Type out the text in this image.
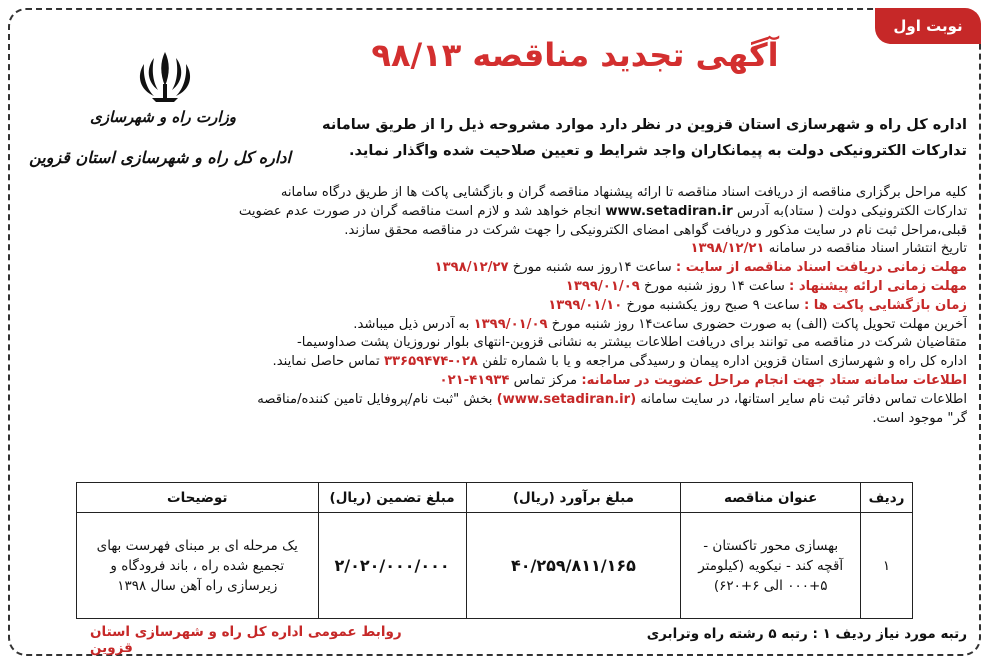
نوبت اول
وزارت راه و شهرسازی
اداره کل راه و شهرسازی استان قزوین
آگهی تجدید مناقصه ۹۸/۱۳
اداره کل راه و شهرسازی استان قزوین در نظر دارد موارد مشروحه ذیل را از طریق سامانه
تدارکات الکترونیکی دولت به پیمانکاران واجد شرایط و تعیین صلاحیت شده واگذار نماید.

کلیه مراحل برگزاری مناقصه از دریافت اسناد مناقصه تا ارائه پیشنهاد مناقصه گران و بازگشایی پاکت ها از طریق درگاه سامانه

تدارکات الکترونیکی دولت ( ستاد)به آدرس www.setadiran.ir انجام خواهد شد و لازم است مناقصه گران در صورت عدم عضویت

قبلی،مراحل ثبت نام در سایت مذکور و دریافت گواهی امضای الکترونیکی را جهت شرکت در مناقصه محقق سازند.

تاریخ انتشار اسناد مناقصه در سامانه ۱۳۹۸/۱۲/۲۱

مهلت زمانی دریافت اسناد مناقصه از سایت : ساعت ۱۴روز سه شنبه مورخ ۱۳۹۸/۱۲/۲۷

مهلت زمانی ارائه پیشنهاد : ساعت ۱۴ روز شنبه مورخ ۱۳۹۹/۰۱/۰۹

زمان بازگشایی پاکت ها : ساعت ۹ صبح روز یکشنبه مورخ ۱۳۹۹/۰۱/۱۰

آخرین مهلت تحویل پاکت (الف) به صورت حضوری ساعت۱۴ روز شنبه مورخ ۱۳۹۹/۰۱/۰۹ به آدرس ذیل میباشد.

متقاضیان شرکت در مناقصه می توانند برای دریافت اطلاعات بیشتر به نشانی قزوین-انتهای بلوار نوروزیان پشت صداوسیما-

اداره کل راه و شهرسازی استان قزوین اداره پیمان و رسیدگی مراجعه و یا با شماره تلفن ۰۲۸-۳۳۶۵۹۴۷۴ تماس حاصل نمایند.

اطلاعات سامانه ستاد جهت انجام مراحل عضویت در سامانه: مرکز تماس ۴۱۹۳۴-۰۲۱

اطلاعات تماس دفاتر ثبت نام سایر استانها، در سایت سامانه (www.setadiran.ir) بخش "ثبت نام/پروفایل تامین کننده/مناقصه

گر" موجود است.

ردیف	عنوان مناقصه	مبلغ برآورد (ریال)	مبلغ تضمین (ریال)	توضیحات
۱	بهسازی محور تاکستان - آقچه کند - نیکویه (کیلومتر ۵+۰۰۰ الی ۶+۶۲۰)	۴۰/۲۵۹/۸۱۱/۱۶۵	۲/۰۲۰/۰۰۰/۰۰۰	یک مرحله ای بر مبنای فهرست بهای تجمیع شده راه ، باند فرودگاه و زیرسازی راه آهن سال ۱۳۹۸
رتبه مورد نیاز ردیف ۱ : رتبه ۵ رشته راه وترابری
روابط عمومی اداره کل راه و شهرسازی استان قزوین
